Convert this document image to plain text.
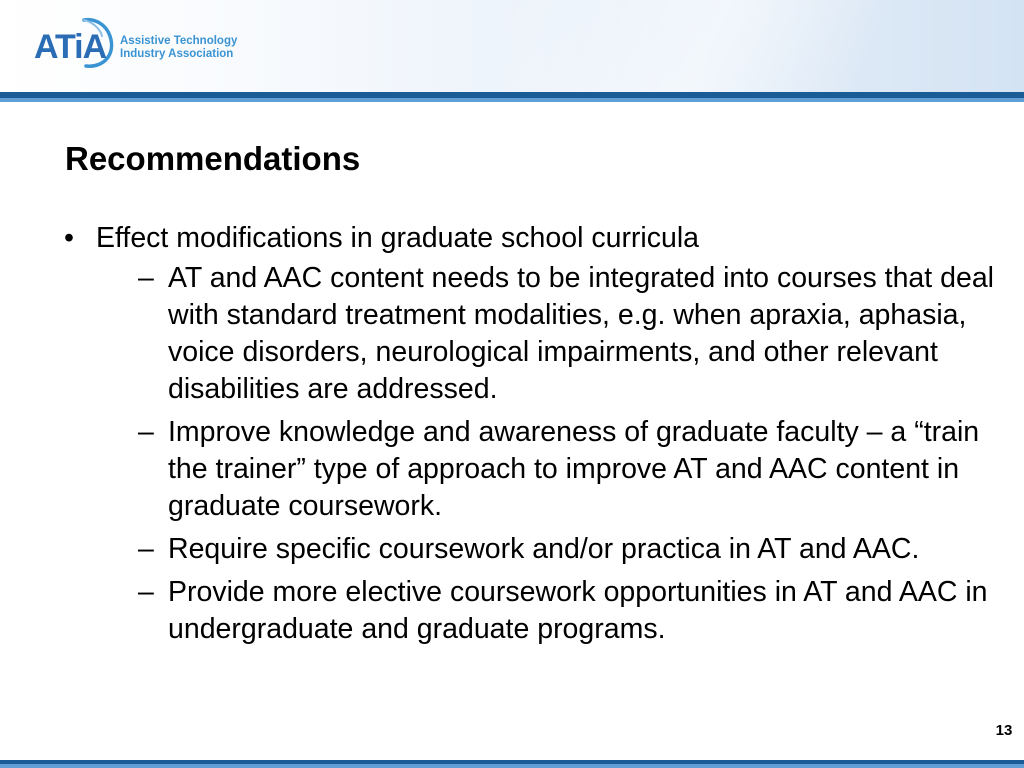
ATiA Assistive Technology
Industry Association
Recommendations
• Effect modifications in graduate school curricula
– AT and AAC content needs to be integrated into courses that deal with standard treatment modalities, e.g. when apraxia, aphasia, voice disorders, neurological impairments, and other relevant disabilities are addressed.
– Improve knowledge and awareness of graduate faculty – a “train the trainer” type of approach to improve AT and AAC content in graduate coursework.
– Require specific coursework and/or practica in AT and AAC.
– Provide more elective coursework opportunities in AT and AAC in undergraduate and graduate programs.
13
